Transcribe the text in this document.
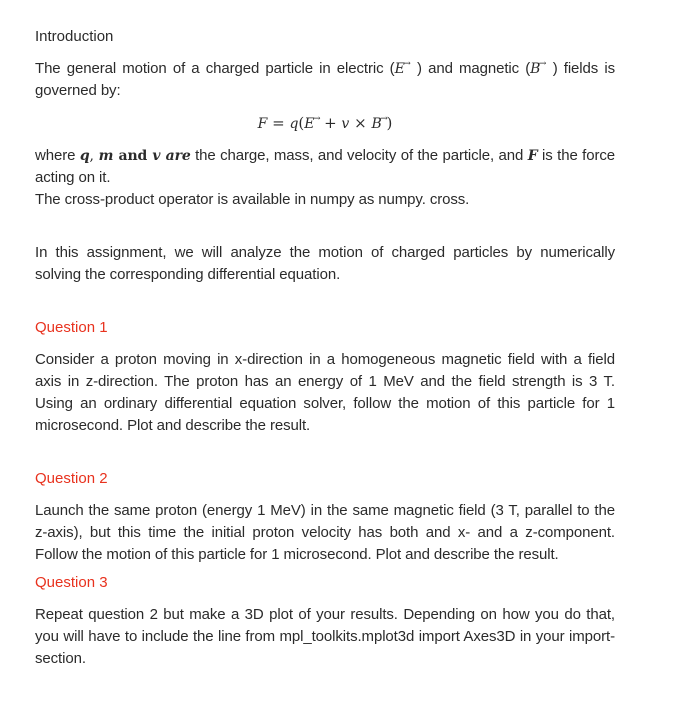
Introduction

The general motion of a charged particle in electric (E
→ ) and magnetic (B
→ ) fields is governed by:

F = q(E
→
+ v × B
→
)

where q, m and v are the charge, mass, and velocity of the particle, and F is the force acting on it.

The cross-product operator is available in numpy as numpy. cross.

In this assignment, we will analyze the motion of charged particles by numerically solving the corresponding differential equation.

Question 1

Consider a proton moving in x-direction in a homogeneous magnetic field with a field axis in z-direction. The proton has an energy of 1 MeV and the field strength is 3 T. Using an ordinary differential equation solver, follow the motion of this particle for 1 microsecond. Plot and describe the result.

Question 2

Launch the same proton (energy 1 MeV) in the same magnetic field (3 T, parallel to the z-axis), but this time the initial proton velocity has both and x- and a z-component. Follow the motion of this particle for 1 microsecond. Plot and describe the result.

Question 3

Repeat question 2 but make a 3D plot of your results. Depending on how you do that, you will have to include the line from mpl_toolkits.mplot3d import Axes3D in your import-section.
